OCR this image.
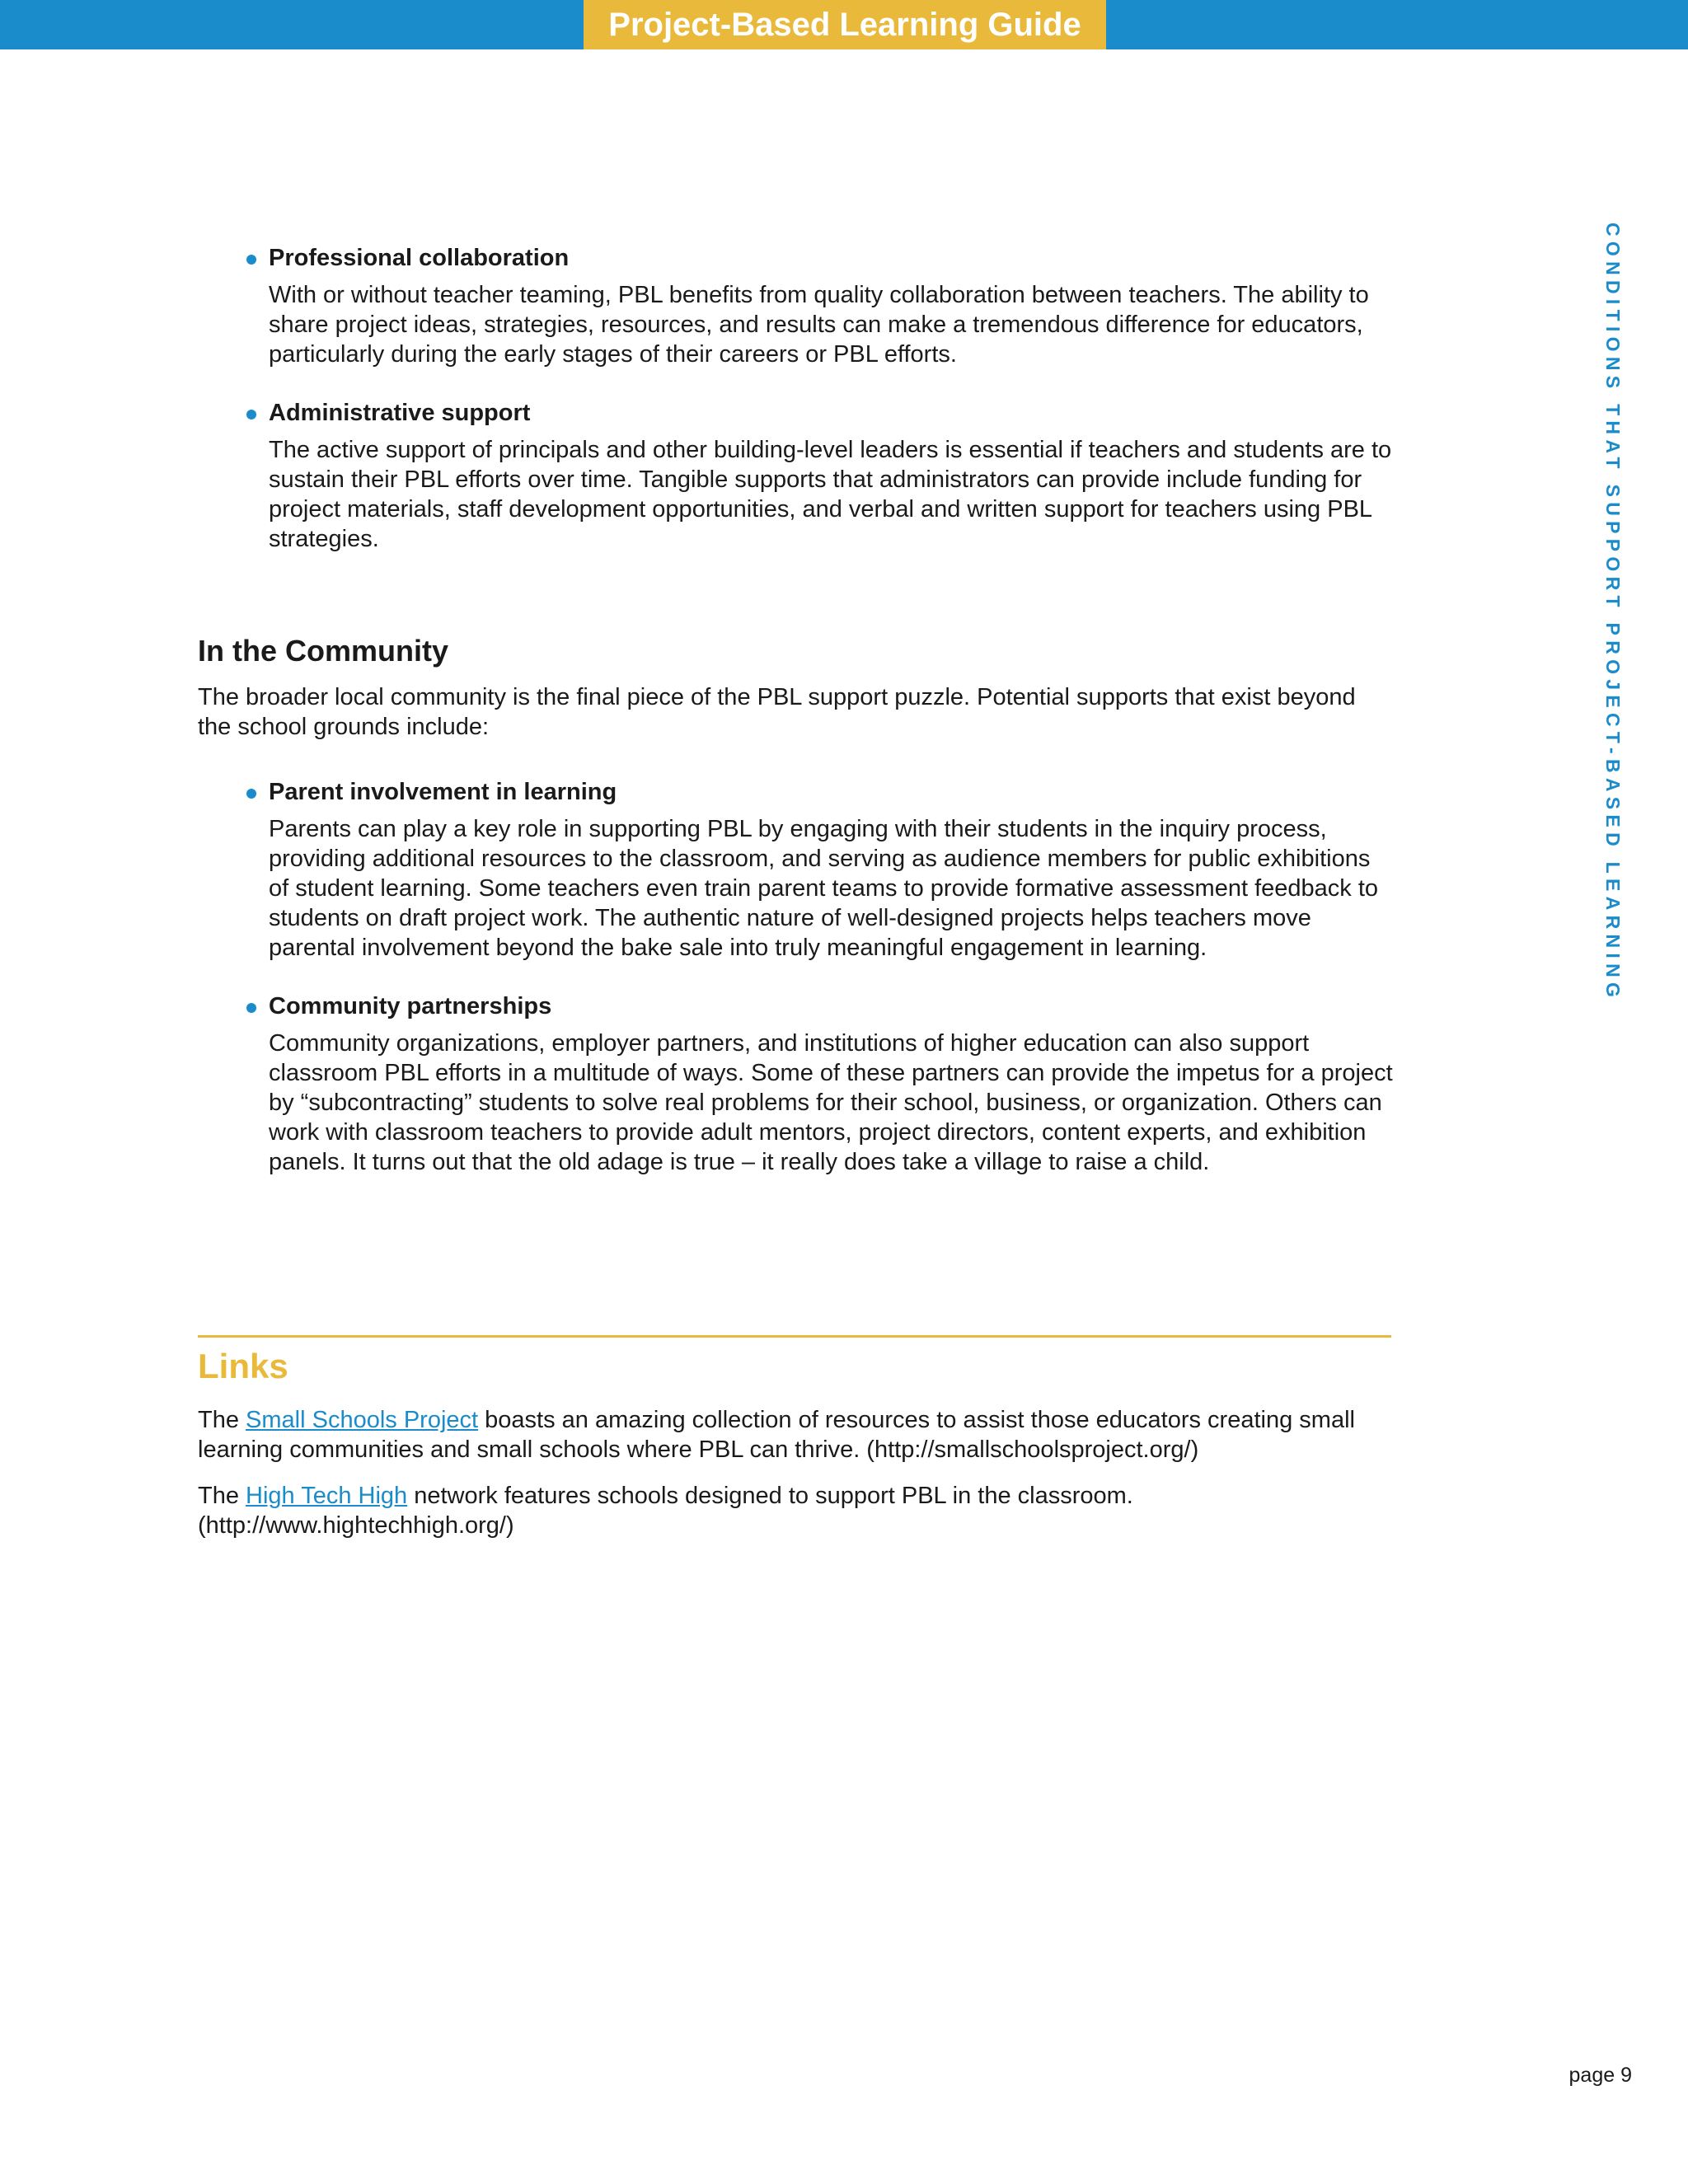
Project-Based Learning Guide
CONDITIONS THAT SUPPORT PROJECT-BASED LEARNING
Professional collaboration

With or without teacher teaming, PBL benefits from quality collaboration between teachers. The ability to share project ideas, strategies, resources, and results can make a tremendous difference for educators, particularly during the early stages of their careers or PBL efforts.

Administrative support

The active support of principals and other building-level leaders is essential if teachers and students are to sustain their PBL efforts over time. Tangible supports that administrators can provide include funding for project materials, staff development opportunities, and verbal and written support for teachers using PBL strategies.

In the Community

The broader local community is the final piece of the PBL support puzzle. Potential supports that exist beyond the school grounds include:

Parent involvement in learning

Parents can play a key role in supporting PBL by engaging with their students in the inquiry process, providing additional resources to the classroom, and serving as audience members for public exhibitions of student learning. Some teachers even train parent teams to provide formative assessment feedback to students on draft project work. The authentic nature of well-designed projects helps teachers move parental involvement beyond the bake sale into truly meaningful engagement in learning.

Community partnerships

Community organizations, employer partners, and institutions of higher education can also support classroom PBL efforts in a multitude of ways. Some of these partners can provide the impetus for a project by “subcontracting” students to solve real problems for their school, business, or organization. Others can work with classroom teachers to provide adult mentors, project directors, content experts, and exhibition panels. It turns out that the old adage is true – it really does take a village to raise a child.

Links

The Small Schools Project boasts an amazing collection of resources to assist those educators creating small learning communities and small schools where PBL can thrive. (http://smallschoolsproject.org/)

The High Tech High network features schools designed to support PBL in the classroom. (http://www.hightechhigh.org/)

page 9
